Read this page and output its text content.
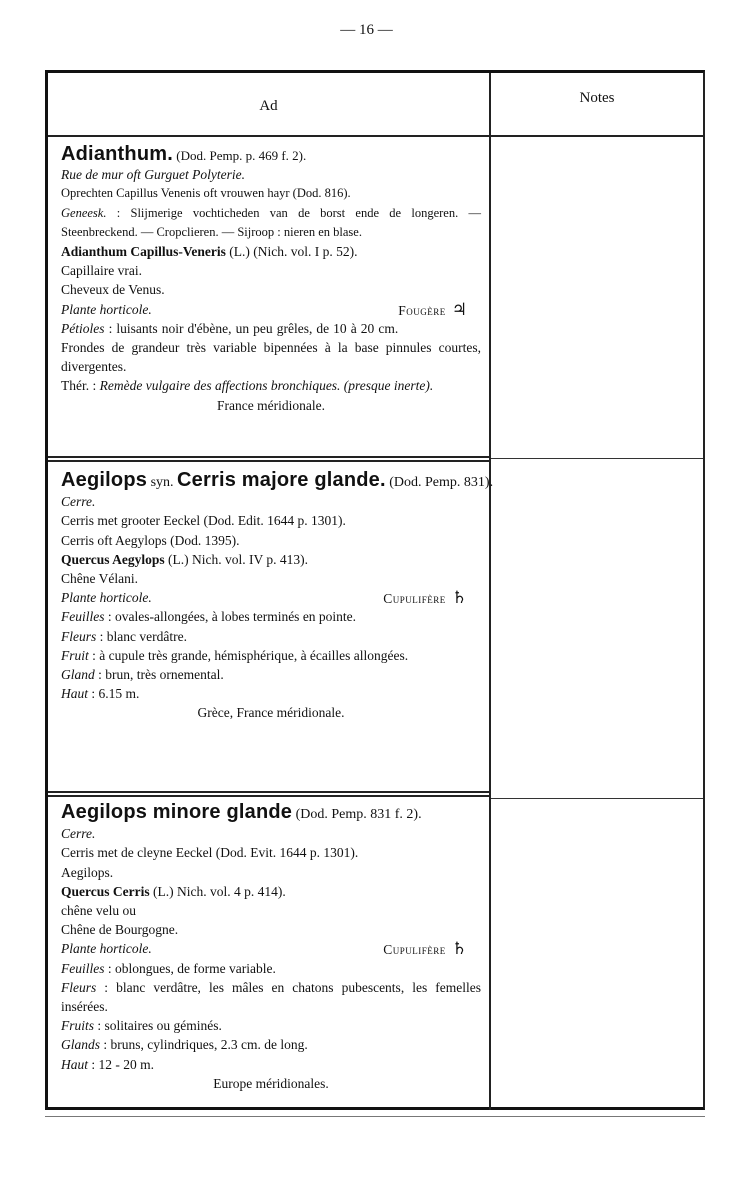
— 16 —
Ad	Notes
Adianthum. (Dod. Pemp. p. 469 f. 2).
Rue de mur oft Gurguet Polyterie.
Oprechten Capillus Venenis oft vrouwen hayr (Dod. 816).
Geneesk. : Slijmerige vochticheden van de borst ende de longeren. — Steenbreckend. — Cropclieren. — Sijroop : nieren en blase.
Adianthum Capillus-Veneris (L.) (Nich. vol. I p. 52).
Capillaire vrai.
Cheveux de Venus.
Plante horticole.	Fougère ♃
Pétioles : luisants noir d'ébène, un peu grêles, de 10 à 20 cm. Frondes de grandeur très variable bipennées à la base pinnules courtes, divergentes.
Thér. : Remède vulgaire des affections bronchiques. (presque inerte).
France méridionale.
Aegilops syn. Cerris majore glande. (Dod. Pemp. 831).
Cerre.
Cerris met grooter Eeckel (Dod. Edit. 1644 p. 1301).
Cerris oft Aegylops (Dod. 1395).
Quercus Aegylops (L.) Nich. vol. IV p. 413).
Chêne Vélani.
Plante horticole.	Cupulifère ♄
Feuilles : ovales-allongées, à lobes terminés en pointe.
Fleurs : blanc verdâtre.
Fruit : à cupule très grande, hémisphérique, à écailles allongées.
Gland : brun, très ornemental.
Haut : 6.15 m.
Grèce, France méridionale.
Aegilops minore glande (Dod. Pemp. 831 f. 2).
Cerre.
Cerris met de cleyne Eeckel (Dod. Evit. 1644 p. 1301).
Aegilops.
Quercus Cerris (L.) Nich. vol. 4 p. 414).
chêne velu ou
Chêne de Bourgogne.
Plante horticole.	Cupulifère ♄
Feuilles : oblongues, de forme variable.
Fleurs : blanc verdâtre, les mâles en chatons pubescents, les femelles insérées.
Fruits : solitaires ou géminés.
Glands : bruns, cylindriques, 2.3 cm. de long.
Haut : 12 - 20 m.
Europe méridionales.
